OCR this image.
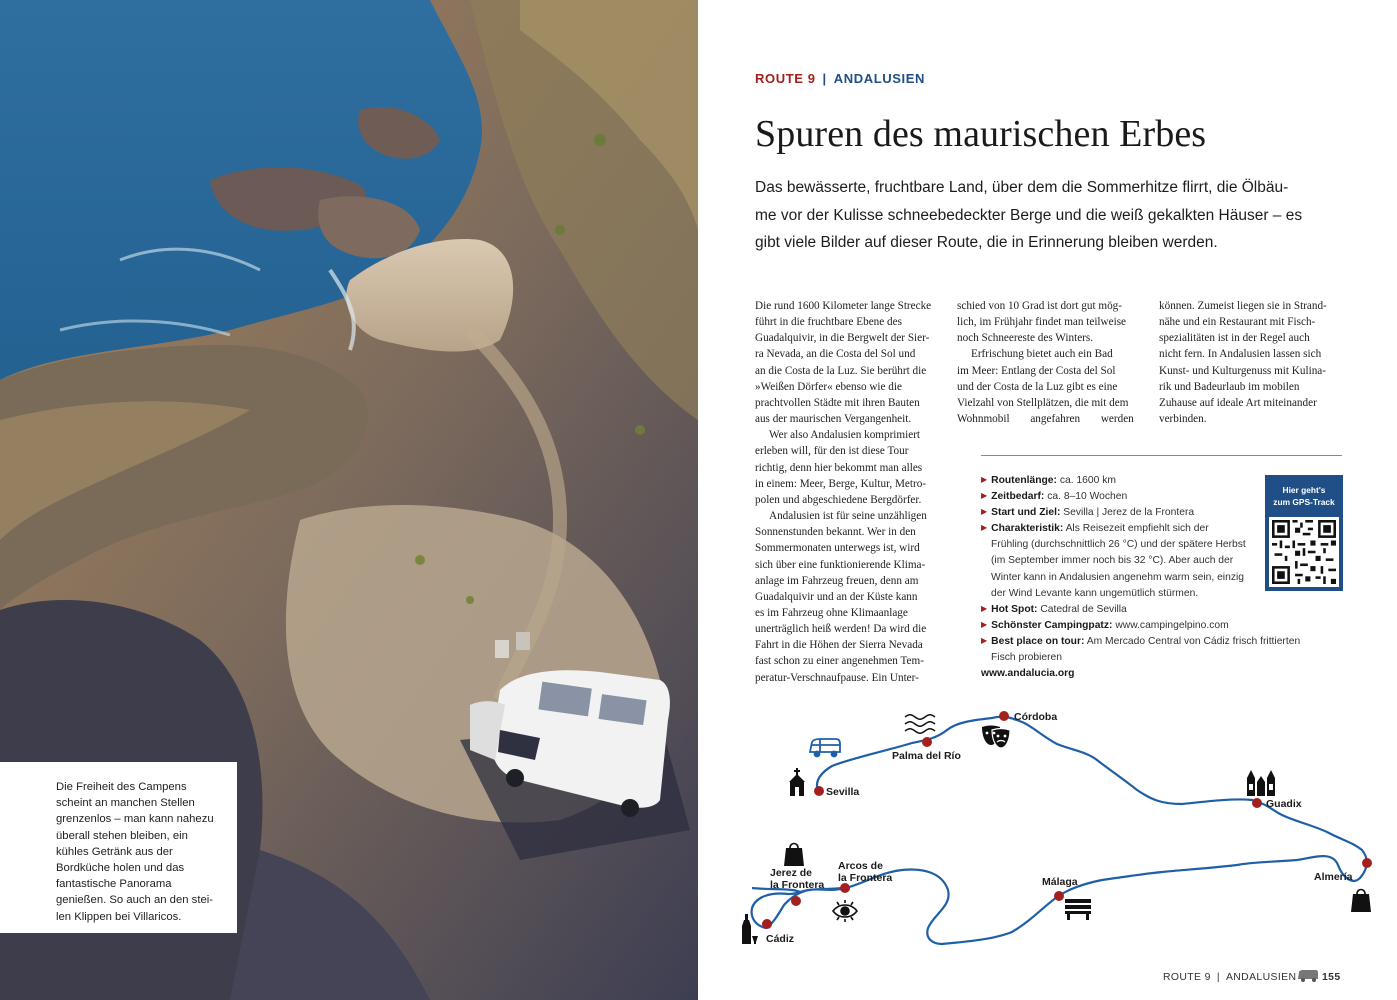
Die Freiheit des Campens
scheint an manchen Stellen
grenzenlos – man kann nahezu
überall stehen bleiben, ein
kühles Getränk aus der
Bordküche holen und das
fantastische Panorama
genießen. So auch an den stei-
len Klippen bei Villaricos.
ROUTE 9 | ANDALUSIEN
Spuren des maurischen Erbes
Das bewässerte, fruchtbare Land, über dem die Sommerhitze flirrt, die Ölbäu-
me vor der Kulisse schneebedeckter Berge und die weiß gekalkten Häuser – es
gibt viele Bilder auf dieser Route, die in Erinnerung bleiben werden.
Die rund 1600 Kilometer lange Strecke
führt in die fruchtbare Ebene des
Guadalquivir, in die Bergwelt der Sier-
ra Nevada, an die Costa del Sol und
an die Costa de la Luz. Sie berührt die
»Weißen Dörfer« ebenso wie die
prachtvollen Städte mit ihren Bauten
aus der maurischen Vergangenheit.
Wer also Andalusien komprimiert
erleben will, für den ist diese Tour
richtig, denn hier bekommt man alles
in einem: Meer, Berge, Kultur, Metro-
polen und abgeschiedene Bergdörfer.
Andalusien ist für seine unzähligen
Sonnenstunden bekannt. Wer in den
Sommermonaten unterwegs ist, wird
sich über eine funktionierende Klima-
anlage im Fahrzeug freuen, denn am
Guadalquivir und an der Küste kann
es im Fahrzeug ohne Klimaanlage
unerträglich heiß werden! Da wird die
Fahrt in die Höhen der Sierra Nevada
fast schon zu einer angenehmen Tem-
peratur-Verschnaufpause. Ein Unter-
schied von 10 Grad ist dort gut mög-
lich, im Frühjahr findet man teilweise
noch Schneereste des Winters.
Erfrischung bietet auch ein Bad
im Meer: Entlang der Costa del Sol
und der Costa de la Luz gibt es eine
Vielzahl von Stellplätzen, die mit dem
Wohnmobil angefahren werden
können. Zumeist liegen sie in Strand-
nähe und ein Restaurant mit Fisch-
spezialitäten ist in der Regel auch
nicht fern. In Andalusien lassen sich
Kunst- und Kulturgenuss mit Kulina-
rik und Badeurlaub im mobilen
Zuhause auf ideale Art miteinander
verbinden.
▶ Routenlänge: ca. 1600 km
▶ Zeitbedarf: ca. 8–10 Wochen
▶ Start und Ziel: Sevilla | Jerez de la Frontera
▶ Charakteristik: Als Reisezeit empfiehlt sich der
Frühling (durchschnittlich 26 °C) und der spätere Herbst
(im September immer noch bis 32 °C). Aber auch der
Winter kann in Andalusien angenehm warm sein, einzig
der Wind Levante kann ungemütlich stürmen.
▶ Hot Spot: Catedral de Sevilla
▶ Schönster Campingpatz: www.campingelpino.com
▶ Best place on tour: Am Mercado Central von Cádiz frisch frittierten
Fisch probieren
www.andalucia.org
Hier geht's
zum GPS-Track
Córdoba
Palma del Río
Sevilla
Guadix
Almería
Málaga
Arcos de
la Frontera
Jerez de
la Frontera
Cádiz
ROUTE 9 | ANDALUSIEN 155
